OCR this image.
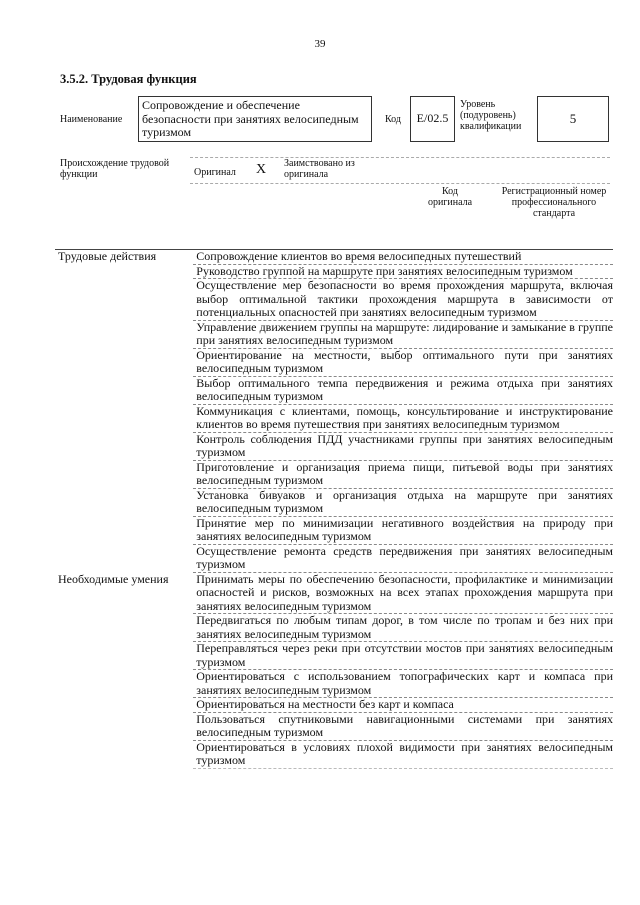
39
3.5.2. Трудовая функция
Наименование
Сопровождение и обеспечение безопасности при занятиях велосипедным туризмом
Код	E/02.5
Уровень
(подуровень)
квалификации
5
Происхождение трудовой
функции	Оригинал X Заимствовано из
оригинала
Код
оригинала
Регистрационный номер
профессионального
стандарта
Трудовые действия	Сопровождение клиентов во время велосипедных путешествий
Руководство группой на маршруте при занятиях велосипедным туризмом
Осуществление мер безопасности во время прохождения маршрута, включая выбор оптимальной тактики прохождения маршрута в зависимости от потенциальных опасностей при занятиях велосипедным туризмом
Управление движением группы на маршруте: лидирование и замыкание в группе при занятиях велосипедным туризмом
Ориентирование на местности, выбор оптимального пути при занятиях велосипедным туризмом
Выбор оптимального темпа передвижения и режима отдыха при занятиях велосипедным туризмом
Коммуникация с клиентами, помощь, консультирование и инструктирование клиентов во время путешествия при занятиях велосипедным туризмом
Контроль соблюдения ПДД участниками группы при занятиях велосипедным туризмом
Приготовление и организация приема пищи, питьевой воды при занятиях велосипедным туризмом
Установка бивуаков и организация отдыха на маршруте при занятиях велосипедным туризмом
Принятие мер по минимизации негативного воздействия на природу при занятиях велосипедным туризмом
Осуществление ремонта средств передвижения при занятиях велосипедным туризмом
Необходимые умения	Принимать меры по обеспечению безопасности, профилактике и минимизации опасностей и рисков, возможных на всех этапах прохождения маршрута при занятиях велосипедным туризмом
Передвигаться по любым типам дорог, в том числе по тропам и без них при занятиях велосипедным туризмом
Переправляться через реки при отсутствии мостов при занятиях велосипедным туризмом
Ориентироваться с использованием топографических карт и компаса при занятиях велосипедным туризмом
Ориентироваться на местности без карт и компаса
Пользоваться спутниковыми навигационными системами при занятиях велосипедным туризмом
Ориентироваться в условиях плохой видимости при занятиях велосипедным туризмом
